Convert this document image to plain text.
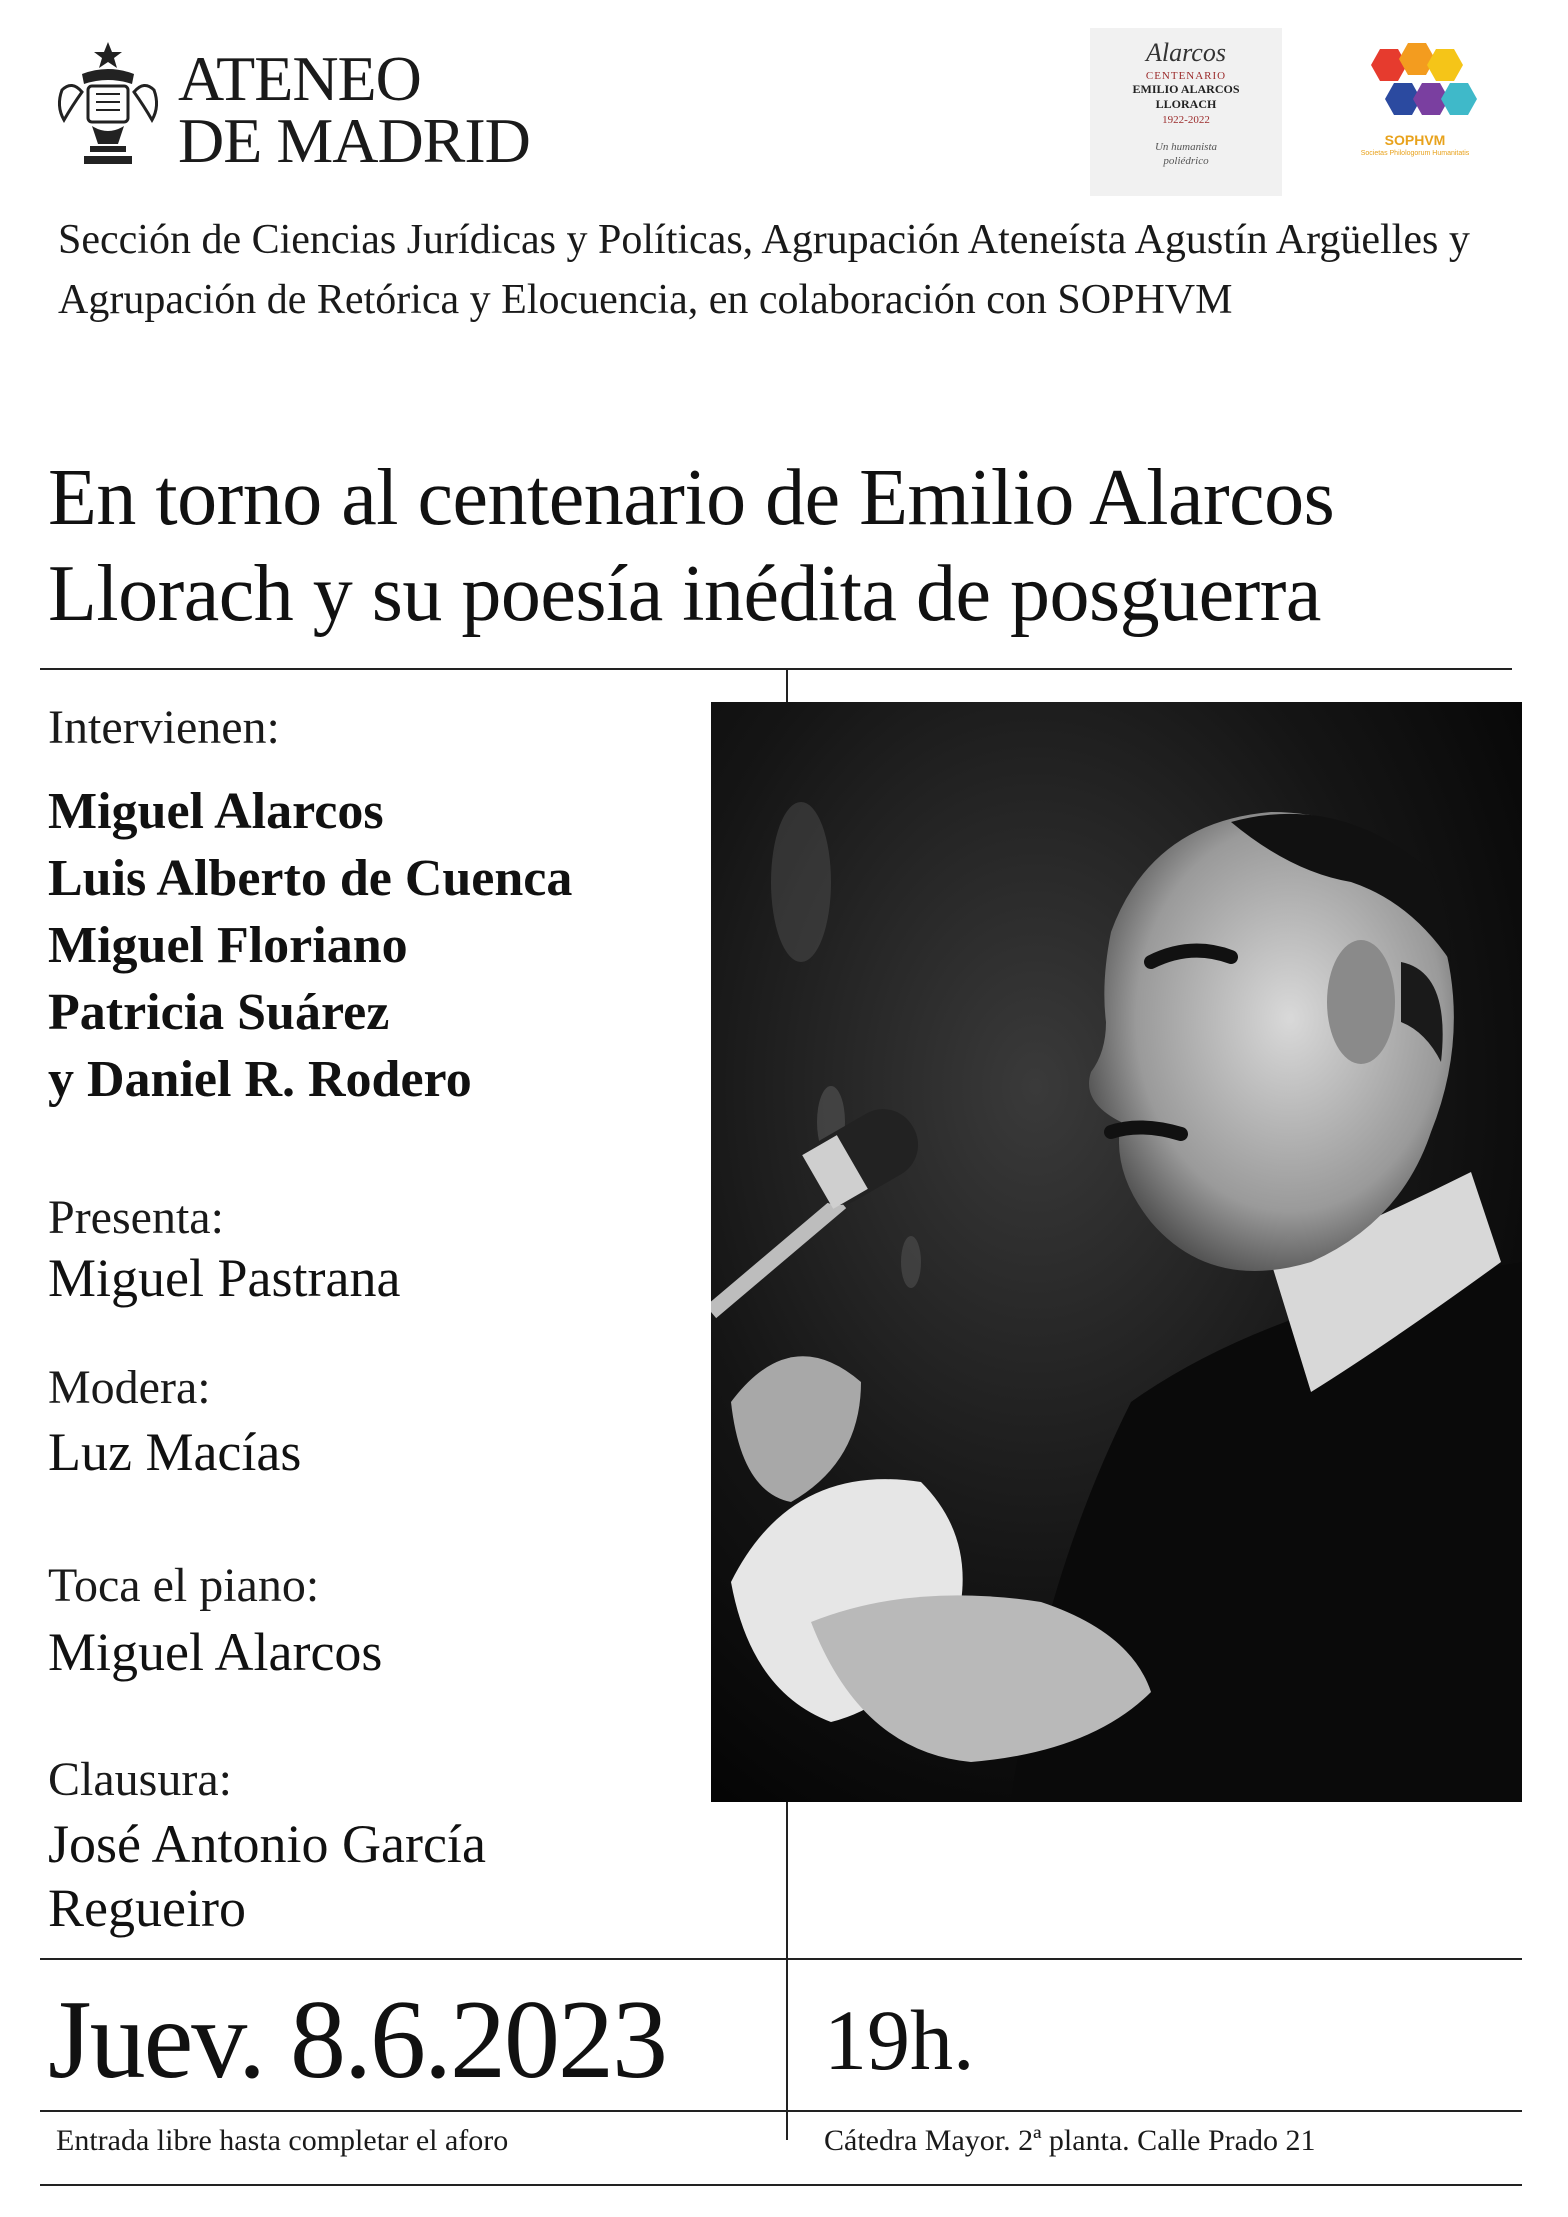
ATENEO
DE MADRID
Alarcos
CENTENARIO
EMILIO ALARCOS
LLORACH
1922-2022
Un humanista
poliédrico
SOPHVM
Societas Philologorum Humanitatis
Sección de Ciencias Jurídicas y Políticas, Agrupación Ateneísta Agustín Argüelles y Agrupación de Retórica y Elocuencia, en colaboración con SOPHVM
En torno al centenario de Emilio Alarcos
Llorach y su poesía inédita de posguerra
Intervienen:
Miguel Alarcos
Luis Alberto de Cuenca
Miguel Floriano
Patricia Suárez
y Daniel R. Rodero
Presenta:
Miguel Pastrana
Modera:
Luz Macías
Toca el piano:
Miguel Alarcos
Clausura:
José Antonio García
Regueiro
Juev. 8.6.2023 19h.
Entrada libre hasta completar el aforo	Cátedra Mayor. 2ª planta. Calle Prado 21
